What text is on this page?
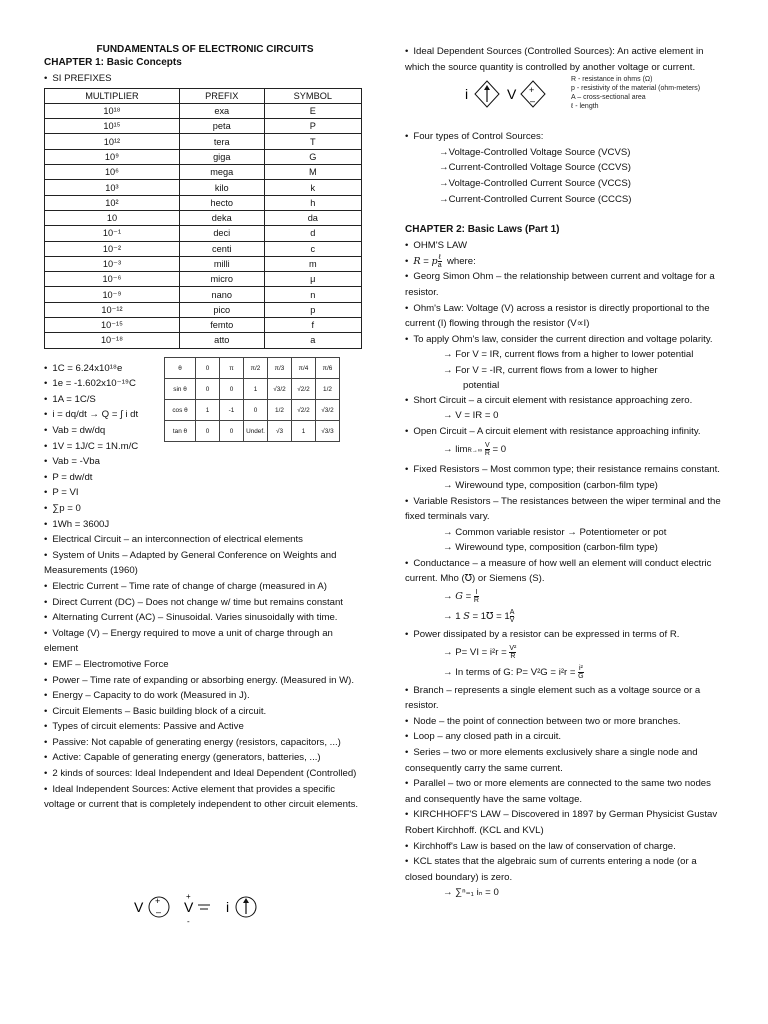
FUNDAMENTALS OF ELECTRONIC CIRCUITS

CHAPTER 1: Basic Concepts

• SI PREFIXES

MULTIPLIER	PREFIX	SYMBOL
10¹⁸	exa	E
10¹⁵	peta	P
10¹²	tera	T
10⁹	giga	G
10⁶	mega	M
10³	kilo	k
10²	hecto	h
10	deka	da
10⁻¹	deci	d
10⁻²	centi	c
10⁻³	milli	m
10⁻⁶	micro	μ
10⁻⁹	nano	n
10⁻¹²	pico	p
10⁻¹⁵	femto	f
10⁻¹⁸	atto	a

• 1C = 6.24x10¹⁸e

• 1e = -1.602x10⁻¹⁹C

• 1A = 1C/S

• i = dq/dt → Q = ∫ i dt

• Vab = dw/dq

• 1V = 1J/C = 1N.m/C

• Vab = -Vba

• P = dw/dt

• P = VI

• ∑p = 0

• 1Wh = 3600J

• Electrical Circuit – an interconnection of electrical elements

• System of Units – Adapted by General Conference on Weights and Measurements (1960)

• Electric Current – Time rate of change of charge (measured in A)

• Direct Current (DC) – Does not change w/ time but remains constant

• Alternating Current (AC) – Sinusoidal. Varies sinusoidally with time.

• Voltage (V) – Energy required to move a unit of charge through an element

• EMF – Electromotive Force

• Power – Time rate of expanding or absorbing energy. (Measured in W).

• Energy – Capacity to do work (Measured in J).

• Circuit Elements – Basic building block of a circuit.

• Types of circuit elements: Passive and Active

• Passive: Not capable of generating energy (resistors, capacitors, ...)

• Active: Capable of generating energy (generators, batteries, ...)

• 2 kinds of sources: Ideal Independent and Ideal Dependent (Controlled)

• Ideal Independent Sources: Active element that provides a specific voltage or current that is completely independent to other circuit elements.

V +
– V
+
-
i
θ	0	π	π/2	π/3	π/4	π/6
sin θ	0	0	1	√3/2	√2/2	1/2
cos θ	1	-1	0	1/2	√2/2	√3/2
tan θ	0	0	Undef.	√3	1	√3/3

• Ideal Dependent Sources (Controlled Sources): An active element in which the source quantity is controlled by another voltage or current.

i	V +
–
R - resistance in ohms (Ω)
p - resistivity of the material (ohm-meters)
A – cross-sectional area
ℓ - length

• Four types of Control Sources:

→Voltage-Controlled Voltage Source (VCVS)

→Current-Controlled Voltage Source (CCVS)

→Voltage-Controlled Current Source (VCCS)

→Current-Controlled Current Source (CCCS)

CHAPTER 2: Basic Laws (Part 1)

• OHM'S LAW

• R = p $\frac{\text{ℓ}}{a}$ where:

• Georg Simon Ohm – the relationship between current and voltage for a resistor.

• Ohm's Law: Voltage (V) across a resistor is directly proportional to the current (I) flowing through the resistor (V∝I)

• To apply Ohm's law, consider the current direction and voltage polarity.

→ For V = IR, current flows from a higher to lower potential

→ For V = -IR, current flows from a lower to higher

potential

• Short Circuit – a circuit element with resistance approaching zero.

→ V = IR = 0

• Open Circuit – A circuit element with resistance approaching infinity.

→ $\lim R\to\infty \frac{V}{R} = 0$

• Fixed Resistors – Most common type; their resistance remains constant.

→ Wirewound type, composition (carbon-film type)

• Variable Resistors – The resistances between the wiper terminal and the fixed terminals vary.

→ Common variable resistor → Potentiometer or pot

→ Wirewound type, composition (carbon-film type)

• Conductance – a measure of how well an element will conduct electric current. Mho (℧) or Siemens (S).

→ $G = \frac{I}{R}$

→ 1 S = 1℧ = $1 \frac{A}{V}$

• Power dissipated by a resistor can be expressed in terms of R.

→ P= VI = $i^2r = \frac{\text{V²}}{R}$

→ In terms of G: $P= V^2G = i^2r = \frac{\text{i²}}{G}$

• Branch – represents a single element such as a voltage source or a resistor.

• Node – the point of connection between two or more branches.

• Loop – any closed path in a circuit.

• Series – two or more elements exclusively share a single node and consequently carry the same current.

• Parallel – two or more elements are connected to the same two nodes and consequently have the same voltage.

• KIRCHHOFF'S LAW – Discovered in 1897 by German Physicist Gustav Robert Kirchhoff. (KCL and KVL)

• Kirchhoff's Law is based on the law of conservation of charge.

• KCL states that the algebraic sum of currents entering a node (or a closed boundary) is zero.

→ ∑ⁿ₌₁ iₙ = 0
